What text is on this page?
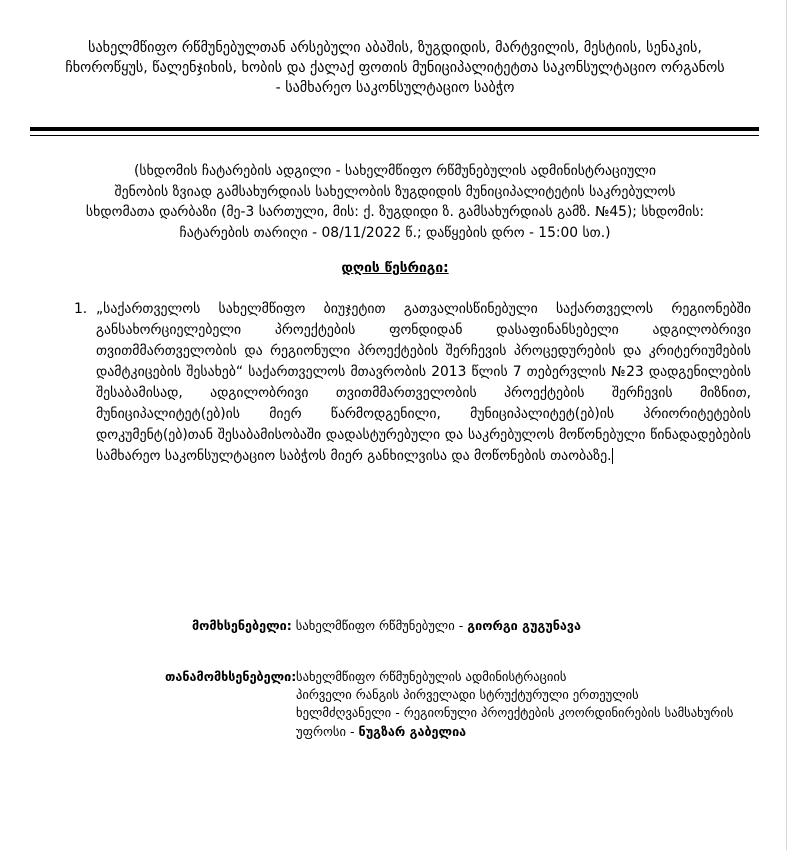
სახელმწიფო რწმუნებულთან არსებული აბაშის, ზუგდიდის, მარტვილის, მესტიის, სენაკის,
ჩხოროწყუს, წალენჯიხის, ხობის და ქალაქ ფოთის მუნიციპალიტეტთა საკონსულტაციო ორგანოს
- სამხარეო საკონსულტაციო საბჭო
(სხდომის ჩატარების ადგილი - სახელმწიფო რწმუნებულის ადმინისტრაციული
შენობის ზვიად გამსახურდიას სახელობის ზუგდიდის მუნიციპალიტეტის საკრებულოს
სხდომათა დარბაზი (მე-3 სართული, მის: ქ. ზუგდიდი ზ. გამსახურდიას გამზ. №45); სხდომის:
ჩატარების თარიღი - 08/11/2022 წ.; დაწყების დრო - 15:00 სთ.)
დღის წესრიგი:
1. „საქართველოს სახელმწიფო ბიუჯეტით გათვალისწინებული საქართველოს რეგიონებში განსახორციელებელი პროექტების ფონდიდან დასაფინანსებელი ადგილობრივი თვითმმართველობის და რეგიონული პროექტების შერჩევის პროცედურების და კრიტერიუმების დამტკიცების შესახებ“ საქართველოს მთავრობის 2013 წლის 7 თებერვლის №23 დადგენილების შესაბამისად, ადგილობრივი თვითმმართველობის პროექტების შერჩევის მიზნით, მუნიციპალიტეტ(ებ)ის მიერ წარმოდგენილი, მუნიციპალიტეტ(ებ)ის პრიორიტეტების დოკუმენტ(ებ)თან შესაბამისობაში დადასტურებული და საკრებულოს მოწონებული წინადადებების სამხარეო საკონსულტაციო საბჭოს მიერ განხილვისა და მოწონების თაობაზე.
მომხსენებელი: სახელმწიფო რწმუნებული - გიორგი გუგუნავა
თანამომხსენებელი: სახელმწიფო რწმუნებულის ადმინისტრაციის
პირველი რანგის პირველადი სტრუქტურული ერთეულის
ხელმძღვანელი - რეგიონული პროექტების კოორდინირების სამსახურის
უფროსი - ნუგზარ გაბელია
